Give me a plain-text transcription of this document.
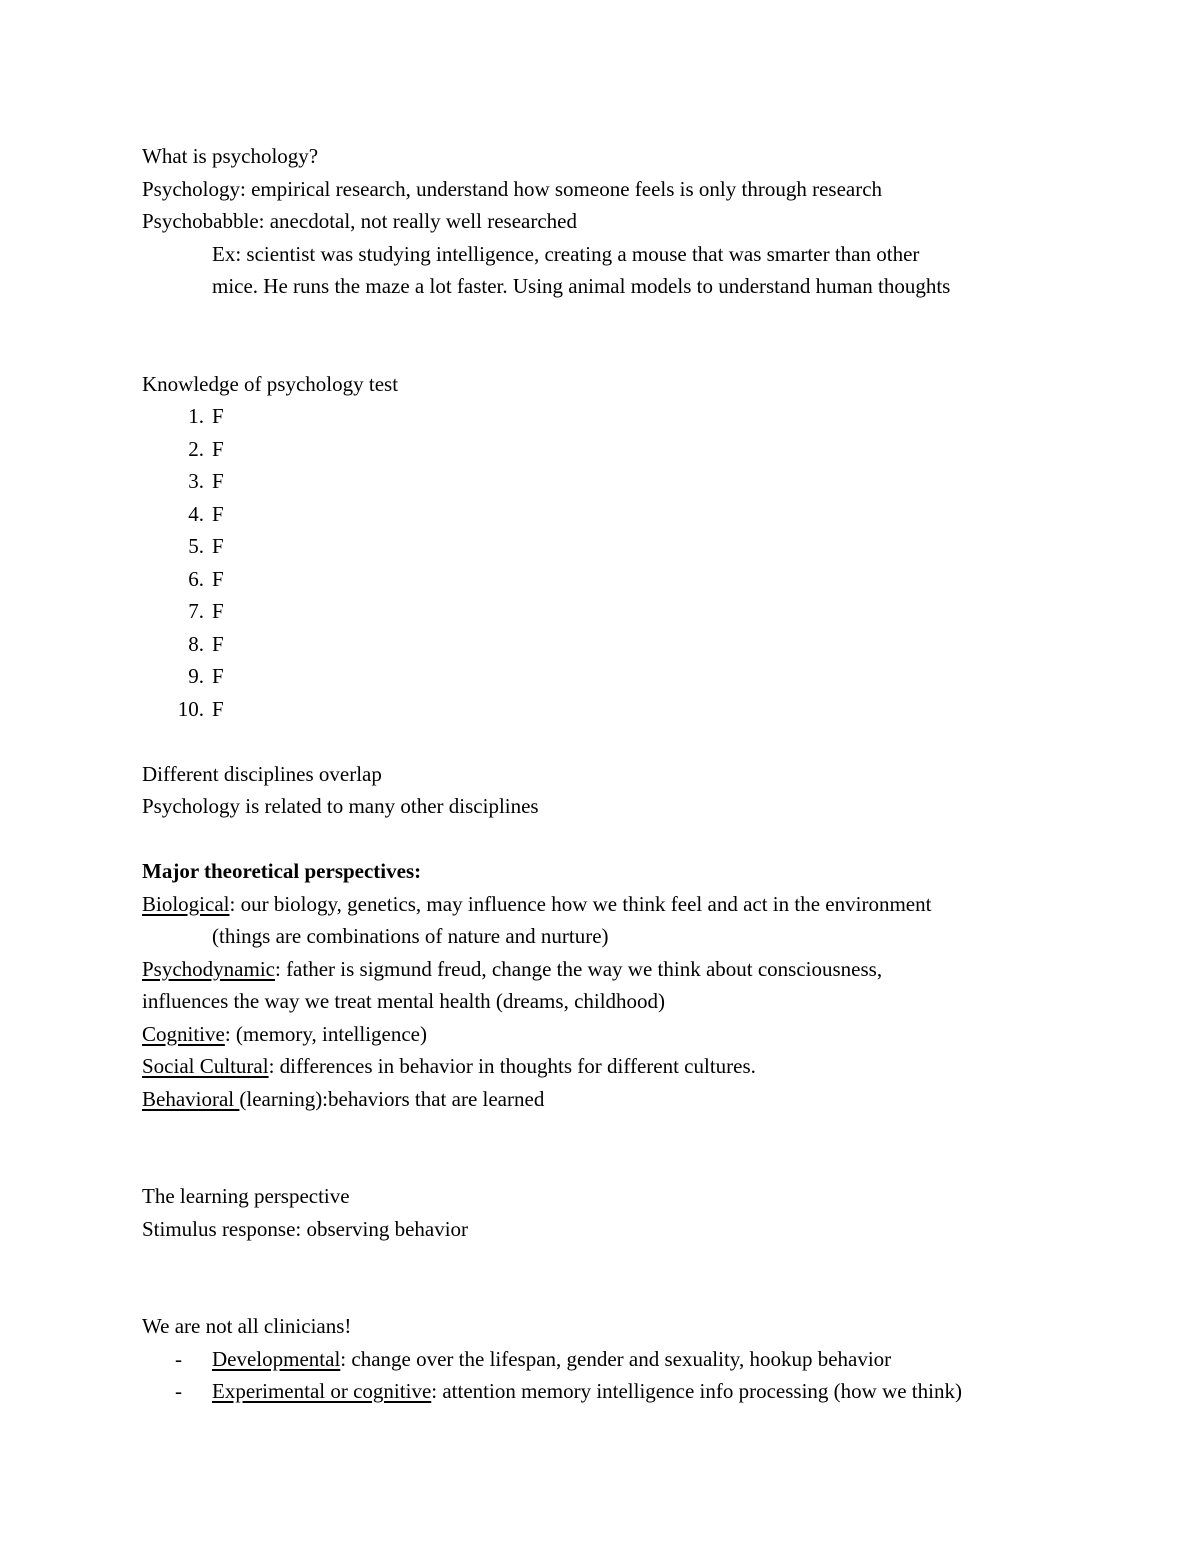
What is psychology?
Psychology: empirical research, understand how someone feels is only through research
Psychobabble: anecdotal, not really well researched
Ex: scientist was studying intelligence, creating a mouse that was smarter than other
mice. He runs the maze a lot faster. Using animal models to understand human thoughts
Knowledge of psychology test
1. F
2. F
3. F
4. F
5. F
6. F
7. F
8. F
9. F
10. F
Different disciplines overlap
Psychology is related to many other disciplines
Major theoretical perspectives:
Biological: our biology, genetics, may influence how we think feel and act in the environment
(things are combinations of nature and nurture)
Psychodynamic: father is sigmund freud, change the way we think about consciousness,
influences the way we treat mental health (dreams, childhood)
Cognitive: (memory, intelligence)
Social Cultural: differences in behavior in thoughts for different cultures.
Behavioral (learning):behaviors that are learned
The learning perspective
Stimulus response: observing behavior
We are not all clinicians!
- Developmental: change over the lifespan, gender and sexuality, hookup behavior
- Experimental or cognitive: attention memory intelligence info processing (how we think)
